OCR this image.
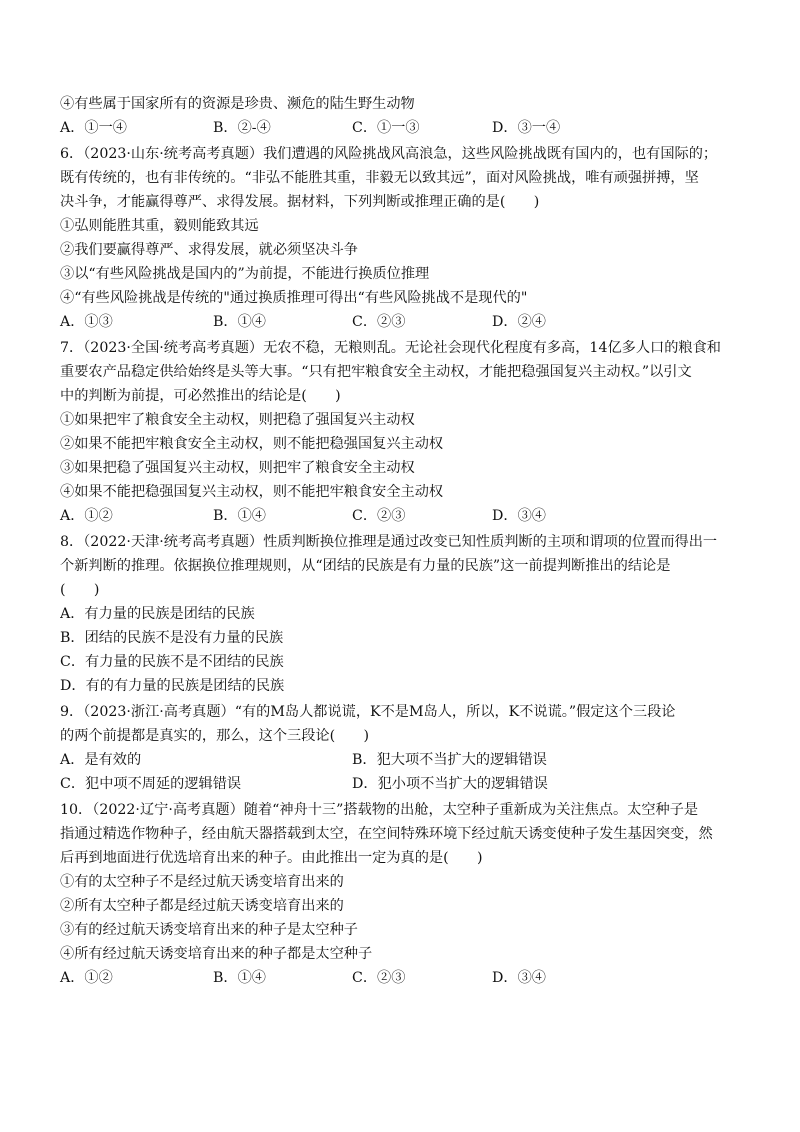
④有些属于国家所有的资源是珍贵、濒危的陆生野生动物
A．①一④	B．②-④	C．①一③	D．③一④
6．（2023·山东·统考高考真题）我们遭遇的风险挑战风高浪急，这些风险挑战既有国内的，也有国际的；
既有传统的，也有非传统的。“非弘不能胜其重，非毅无以致其远”，面对风险挑战，唯有顽强拼搏，坚
决斗争，才能赢得尊严、求得发展。据材料，下列判断或推理正确的是(　　)
①弘则能胜其重，毅则能致其远
②我们要赢得尊严、求得发展，就必须坚决斗争
③以“有些风险挑战是国内的”为前提，不能进行换质位推理
④“有些风险挑战是传统的"通过换质推理可得出“有些风险挑战不是现代的"
A．①③	B．①④	C．②③	D．②④
7．（2023·全国·统考高考真题）无农不稳，无粮则乱。无论社会现代化程度有多高，14亿多人口的粮食和
重要农产品稳定供给始终是头等大事。“只有把牢粮食安全主动权，才能把稳强国复兴主动权。”以引文
中的判断为前提，可必然推出的结论是(　　)
①如果把牢了粮食安全主动权，则把稳了强国复兴主动权
②如果不能把牢粮食安全主动权，则不能把稳强国复兴主动权
③如果把稳了强国复兴主动权，则把牢了粮食安全主动权
④如果不能把稳强国复兴主动权，则不能把牢粮食安全主动权
A．①②	B．①④	C．②③	D．③④
8．（2022·天津·统考高考真题）性质判断换位推理是通过改变已知性质判断的主项和谓项的位置而得出一
个新判断的推理。依据换位推理规则，从“团结的民族是有力量的民族”这一前提判断推出的结论是
(　　)
A．有力量的民族是团结的民族
B．团结的民族不是没有力量的民族
C．有力量的民族不是不团结的民族
D．有的有力量的民族是团结的民族
9．（2023·浙江·高考真题）“有的M岛人都说谎，K不是M岛人，所以，K不说谎。”假定这个三段论
的两个前提都是真实的，那么，这个三段论(　　)
A．是有效的	B．犯大项不当扩大的逻辑错误
C．犯中项不周延的逻辑错误	D．犯小项不当扩大的逻辑错误
10．（2022·辽宁·高考真题）随着“神舟十三”搭载物的出舱，太空种子重新成为关注焦点。太空种子是
指通过精选作物种子，经由航天器搭载到太空，在空间特殊环境下经过航天诱变使种子发生基因突变，然
后再到地面进行优选培育出来的种子。由此推出一定为真的是(　　)
①有的太空种子不是经过航天诱变培育出来的
②所有太空种子都是经过航天诱变培育出来的
③有的经过航天诱变培育出来的种子是太空种子
④所有经过航天诱变培育出来的种子都是太空种子
A．①②	B．①④	C．②③	D．③④
